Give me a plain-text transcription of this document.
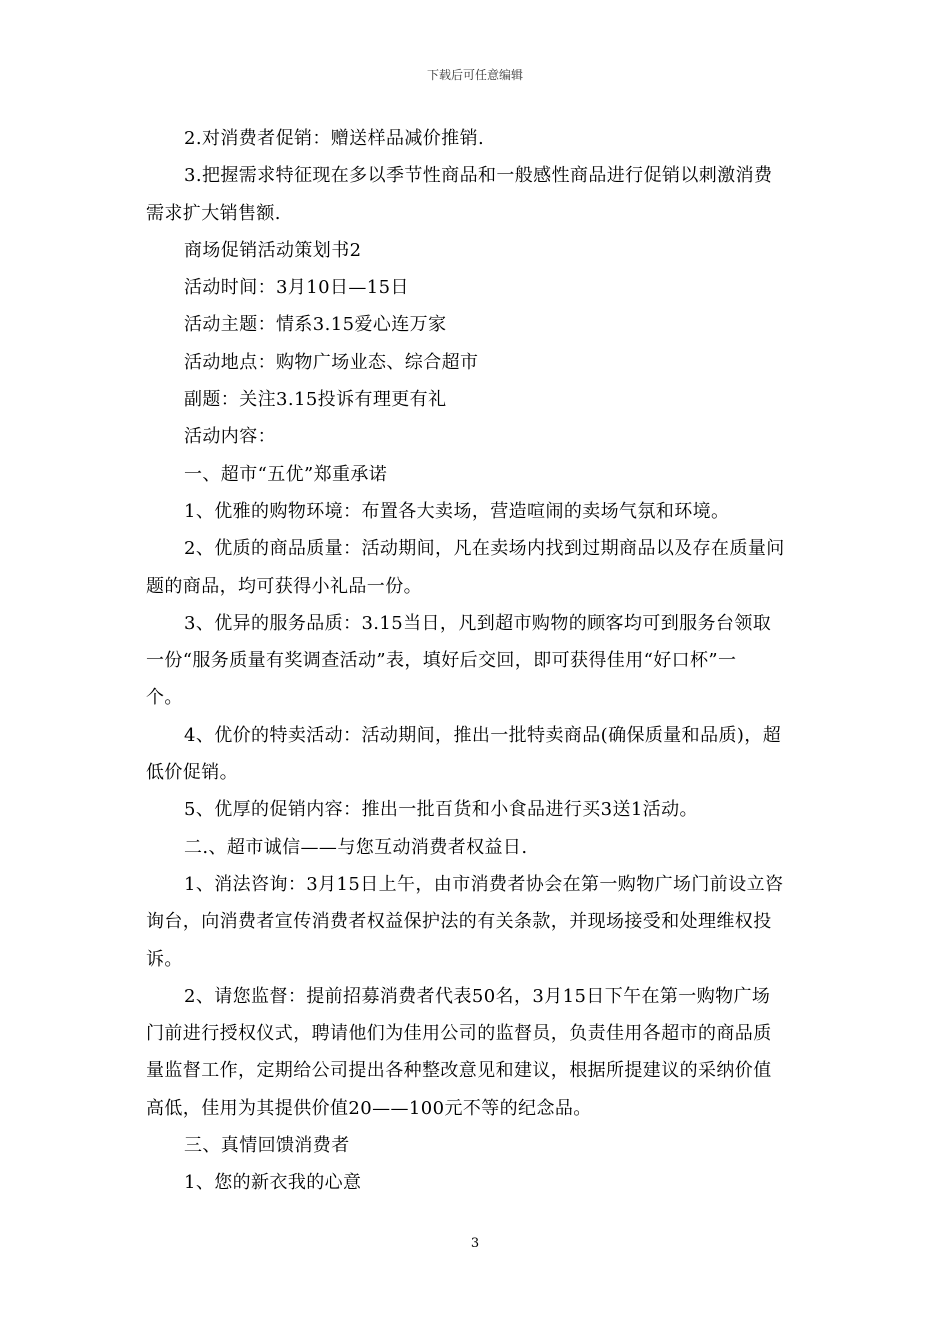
下载后可任意编辑
2.对消费者促销：赠送样品减价推销.
3.把握需求特征现在多以季节性商品和一般感性商品进行促销以刺激消费
需求扩大销售额.
商场促销活动策划书2
活动时间：3月10日—15日
活动主题：情系3.15爱心连万家
活动地点：购物广场业态、综合超市
副题：关注3.15投诉有理更有礼
活动内容：
一、超市“五优”郑重承诺
1、优雅的购物环境：布置各大卖场，营造喧闹的卖场气氛和环境。
2、优质的商品质量：活动期间，凡在卖场内找到过期商品以及存在质量问
题的商品，均可获得小礼品一份。
3、优异的服务品质：3.15当日，凡到超市购物的顾客均可到服务台领取
一份“服务质量有奖调查活动”表，填好后交回，即可获得佳用“好口杯”一
个。
4、优价的特卖活动：活动期间，推出一批特卖商品(确保质量和品质)，超
低价促销。
5、优厚的促销内容：推出一批百货和小食品进行买3送1活动。
二.、超市诚信——与您互动消费者权益日.
1、消法咨询：3月15日上午，由市消费者协会在第一购物广场门前设立咨
询台，向消费者宣传消费者权益保护法的有关条款，并现场接受和处理维权投
诉。
2、请您监督：提前招募消费者代表50名，3月15日下午在第一购物广场
门前进行授权仪式，聘请他们为佳用公司的监督员，负责佳用各超市的商品质
量监督工作，定期给公司提出各种整改意见和建议，根据所提建议的采纳价值
高低，佳用为其提供价值20——100元不等的纪念品。
三、真情回馈消费者
1、您的新衣我的心意
3
